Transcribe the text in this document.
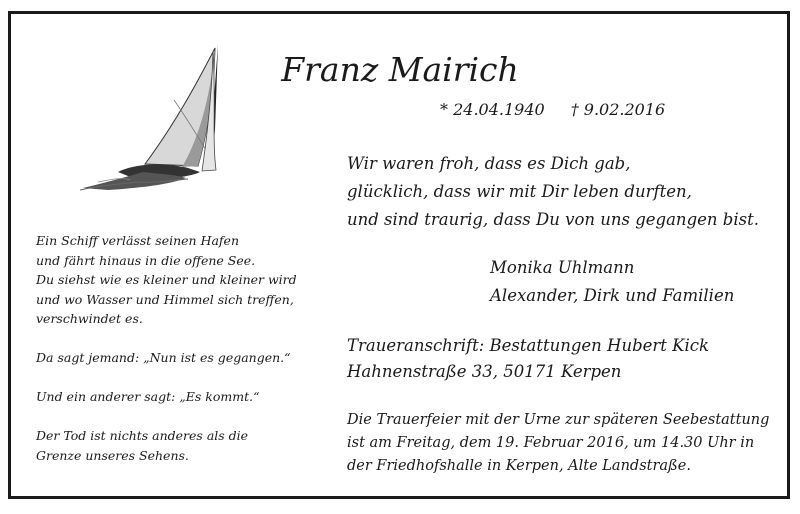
Ein Schiff verlässt seinen Hafen

und fährt hinaus in die offene See.

Du siehst wie es kleiner und kleiner wird

und wo Wasser und Himmel sich treffen,

verschwindet es.

Da sagt jemand: „Nun ist es gegangen.“

Und ein anderer sagt: „Es kommt.“

Der Tod ist nichts anderes als die

Grenze unseres Sehens.

Franz Mairich
* 24.04.1940 † 9.02.2016

Wir waren froh, dass es Dich gab,

glücklich, dass wir mit Dir leben durften,

und sind traurig, dass Du von uns gegangen bist.

Monika Uhlmann

Alexander, Dirk und Familien

Traueranschrift: Bestattungen Hubert Kick

Hahnenstraße 33, 50171 Kerpen

Die Trauerfeier mit der Urne zur späteren Seebestattung

ist am Freitag, dem 19. Februar 2016, um 14.30 Uhr in

der Friedhofshalle in Kerpen, Alte Landstraße.
